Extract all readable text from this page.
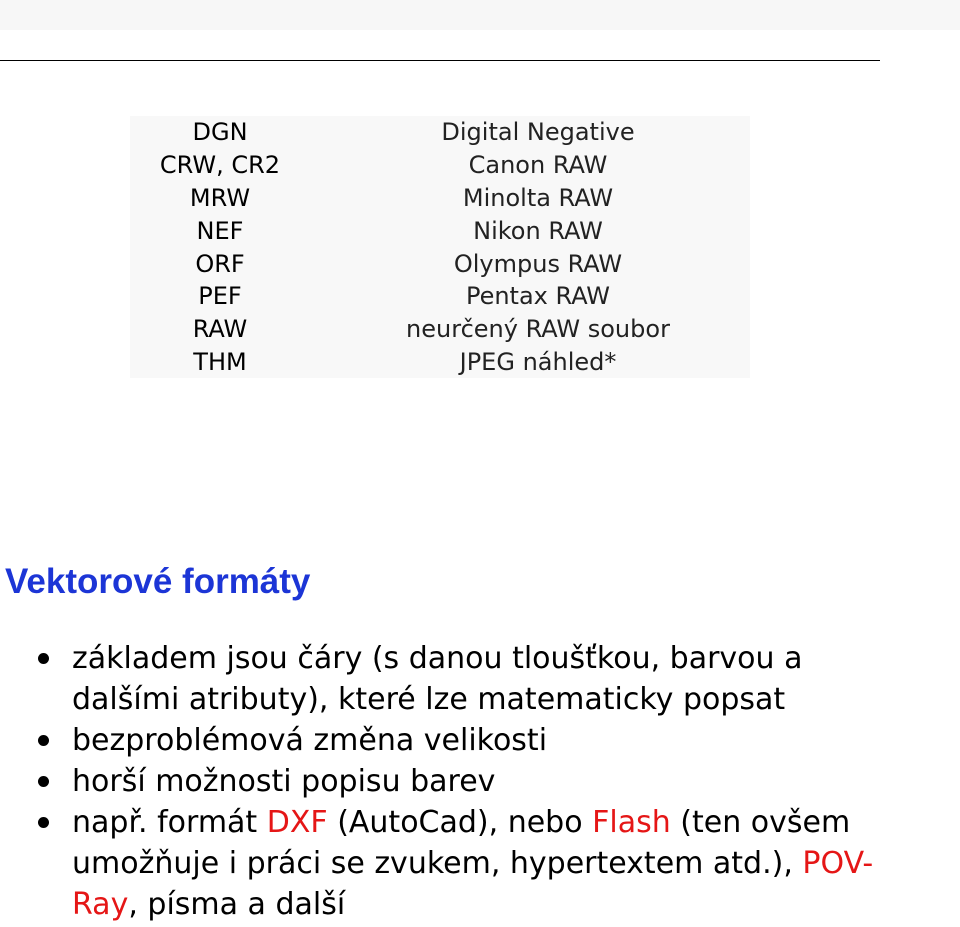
DGN	Digital Negative
CRW, CR2	Canon RAW
MRW	Minolta RAW
NEF	Nikon RAW
ORF	Olympus RAW
PEF	Pentax RAW
RAW	neurčený RAW soubor
THM	JPEG náhled*
Vektorové formáty
základem jsou čáry (s danou tloušťkou, barvou a dalšími atributy), které lze matematicky popsat
bezproblémová změna velikosti
horší možnosti popisu barev
např. formát DXF (AutoCad), nebo Flash (ten ovšem umožňuje i práci se zvukem, hypertextem atd.), POV-Ray, písma a další
